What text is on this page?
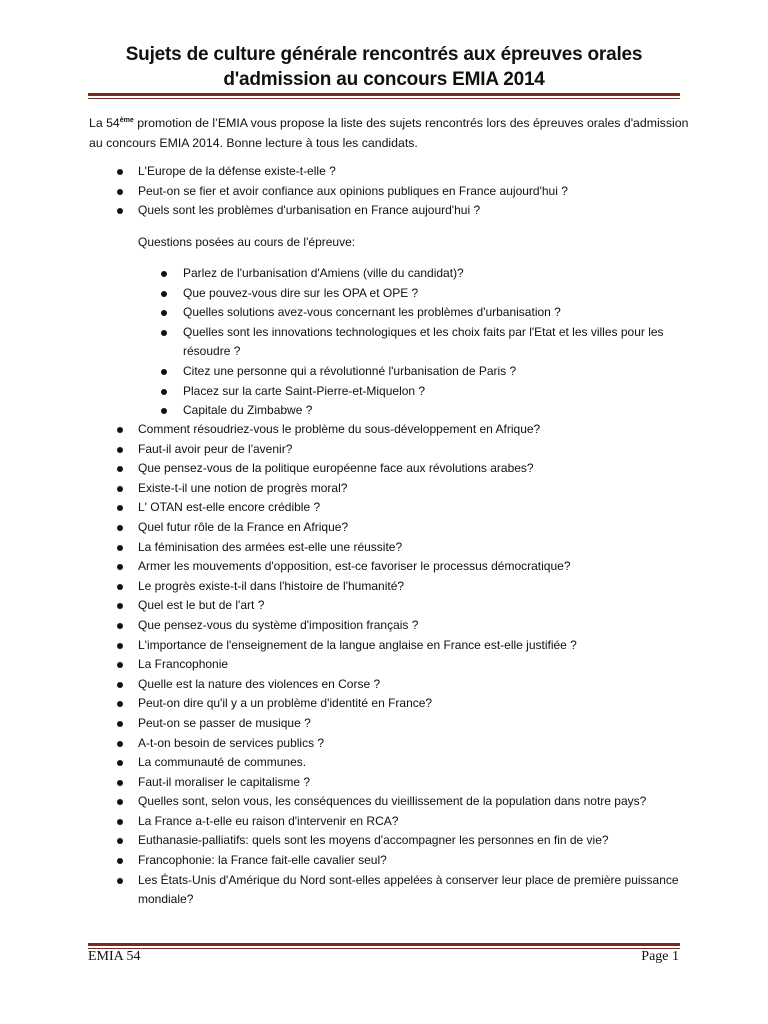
Sujets de culture générale rencontrés aux épreuves orales
d'admission au concours EMIA 2014

La 54ème promotion de l’EMIA vous propose la liste des sujets rencontrés lors des épreuves orales d'admission au concours EMIA 2014. Bonne lecture à tous les candidats.

L'Europe de la défense existe-t-elle ?
Peut-on se fier et avoir confiance aux opinions publiques en France aujourd'hui ?
Quels sont les problèmes d'urbanisation en France aujourd'hui ?
Questions posées au cours de l'épreuve:
Parlez de l'urbanisation d'Amiens (ville du candidat)?
Que pouvez-vous dire sur les OPA et OPE ?
Quelles solutions avez-vous concernant les problèmes d'urbanisation ?
Quelles sont les innovations technologiques et les choix faits par l'Etat et les villes pour les résoudre ?
Citez une personne qui a révolutionné l'urbanisation de Paris ?
Placez sur la carte Saint-Pierre-et-Miquelon ?
Capitale du Zimbabwe ?
Comment résoudriez-vous le problème du sous-développement en Afrique?
Faut-il avoir peur de l'avenir?
Que pensez-vous de la politique européenne face aux révolutions arabes?
Existe-t-il une notion de progrès moral?
L' OTAN est-elle encore crédible ?
Quel futur rôle de la France en Afrique?
La féminisation des armées est-elle une réussite?
Armer les mouvements d'opposition, est-ce favoriser le processus démocratique?
Le progrès existe-t-il dans l'histoire de l'humanité?
Quel est le but de l'art ?
Que pensez-vous du système d'imposition français ?
L'importance de l'enseignement de la langue anglaise en France est-elle justifiée ?
La Francophonie
Quelle est la nature des violences en Corse ?
Peut-on dire qu'il y a un problème d'identité en France?
Peut-on se passer de musique ?
A-t-on besoin de services publics ?
La communauté de communes.
Faut-il moraliser le capitalisme ?
Quelles sont, selon vous, les conséquences du vieillissement de la population dans notre pays?
La France a-t-elle eu raison d'intervenir en RCA?
Euthanasie-palliatifs: quels sont les moyens d'accompagner les personnes en fin de vie?
Francophonie: la France fait-elle cavalier seul?
Les États-Unis d'Amérique du Nord sont-elles appelées à conserver leur place de première puissance mondiale?
EMIA 54	Page 1
